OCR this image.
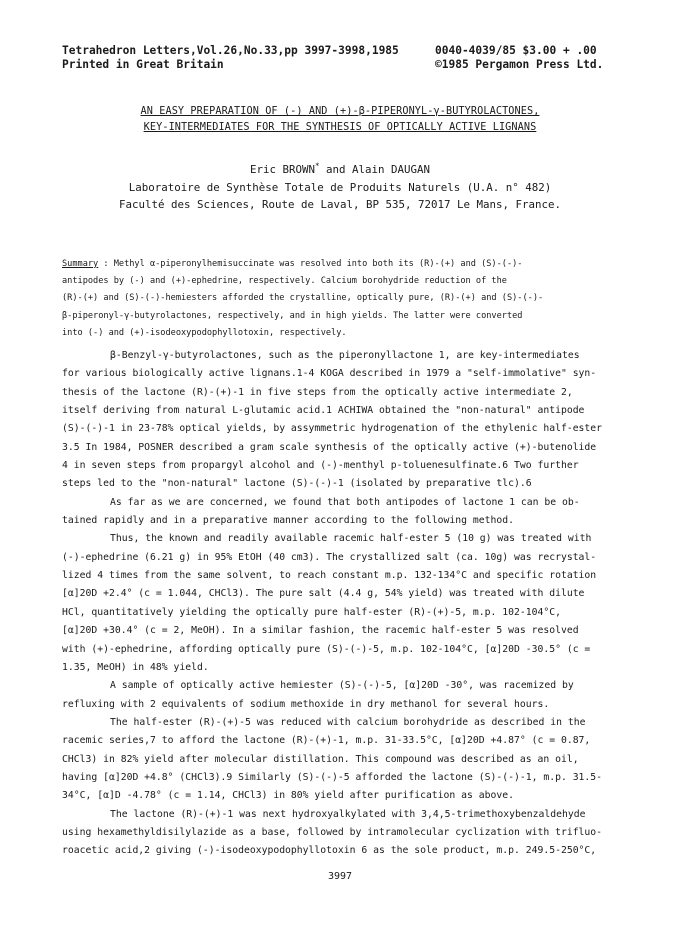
Tetrahedron Letters,Vol.26,No.33,pp 3997-3998,1985	0040-4039/85 $3.00 + .00
Printed in Great Britain	©1985 Pergamon Press Ltd.
AN EASY PREPARATION OF (-) AND (+)-β-PIPERONYL-γ-BUTYROLACTONES,
KEY-INTERMEDIATES FOR THE SYNTHESIS OF OPTICALLY ACTIVE LIGNANS
Eric BROWN* and Alain DAUGAN
Laboratoire de Synthèse Totale de Produits Naturels (U.A. n° 482)
Faculté des Sciences, Route de Laval, BP 535, 72017 Le Mans, France.
Summary : Methyl α-piperonylhemisuccinate was resolved into both its (R)-(+) and (S)-(-)-
antipodes by (-) and (+)-ephedrine, respectively. Calcium borohydride reduction of the
(R)-(+) and (S)-(-)-hemiesters afforded the crystalline, optically pure, (R)-(+) and (S)-(-)-
β-piperonyl-γ-butyrolactones, respectively, and in high yields. The latter were converted
into (-) and (+)-isodeoxypodophyllotoxin, respectively.
β-Benzyl-γ-butyrolactones, such as the piperonyllactone 1, are key-intermediates
for various biologically active lignans.1-4 KOGA described in 1979 a "self-immolative" syn-
thesis of the lactone (R)-(+)-1 in five steps from the optically active intermediate 2,
itself deriving from natural L-glutamic acid.1 ACHIWA obtained the "non-natural" antipode
(S)-(-)-1 in 23-78% optical yields, by assymmetric hydrogenation of the ethylenic half-ester
3.5 In 1984, POSNER described a gram scale synthesis of the optically active (+)-butenolide
4 in seven steps from propargyl alcohol and (-)-menthyl p-toluenesulfinate.6 Two further
steps led to the "non-natural" lactone (S)-(-)-1 (isolated by preparative tlc).6
As far as we are concerned, we found that both antipodes of lactone 1 can be ob-
tained rapidly and in a preparative manner according to the following method.
Thus, the known and readily available racemic half-ester 5 (10 g) was treated with
(-)-ephedrine (6.21 g) in 95% EtOH (40 cm3). The crystallized salt (ca. 10g) was recrystal-
lized 4 times from the same solvent, to reach constant m.p. 132-134°C and specific rotation
[α]20D +2.4° (c = 1.044, CHCl3). The pure salt (4.4 g, 54% yield) was treated with dilute
HCl, quantitatively yielding the optically pure half-ester (R)-(+)-5, m.p. 102-104°C,
[α]20D +30.4° (c = 2, MeOH). In a similar fashion, the racemic half-ester 5 was resolved
with (+)-ephedrine, affording optically pure (S)-(-)-5, m.p. 102-104°C, [α]20D -30.5° (c =
1.35, MeOH) in 48% yield.
A sample of optically active hemiester (S)-(-)-5, [α]20D -30°, was racemized by
refluxing with 2 equivalents of sodium methoxide in dry methanol for several hours.
The half-ester (R)-(+)-5 was reduced with calcium borohydride as described in the
racemic series,7 to afford the lactone (R)-(+)-1, m.p. 31-33.5°C, [α]20D +4.87° (c = 0.87,
CHCl3) in 82% yield after molecular distillation. This compound was described as an oil,
having [α]20D +4.8° (CHCl3).9 Similarly (S)-(-)-5 afforded the lactone (S)-(-)-1, m.p. 31.5-
34°C, [α]D -4.78° (c = 1.14, CHCl3) in 80% yield after purification as above.
The lactone (R)-(+)-1 was next hydroxyalkylated with 3,4,5-trimethoxybenzaldehyde
using hexamethyldisilylazide as a base, followed by intramolecular cyclization with trifluo-
roacetic acid,2 giving (-)-isodeoxypodophyllotoxin 6 as the sole product, m.p. 249.5-250°C,
3997
